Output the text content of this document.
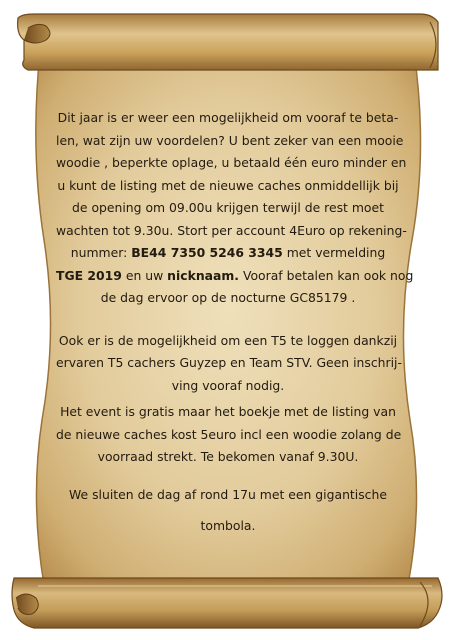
Dit jaar is er weer een mogelijkheid om vooraf te beta-
len, wat zijn uw voordelen? U bent zeker van een mooie
woodie , beperkte oplage, u betaald één euro minder en
u kunt de listing met de nieuwe caches onmiddellijk bij
de opening om 09.00u krijgen terwijl de rest moet
wachten tot 9.30u. Stort per account 4Euro op rekening-
nummer: BE44 7350 5246 3345 met vermelding
TGE 2019 en uw nicknaam. Vooraf betalen kan ook nog
de dag ervoor op de nocturne GC85179 .

Ook er is de mogelijkheid om een T5 te loggen dankzij
ervaren T5 cachers Guyzep en Team STV. Geen inschrij-
ving vooraf nodig.

Het event is gratis maar het boekje met de listing van
de nieuwe caches kost 5euro incl een woodie zolang de
voorraad strekt. Te bekomen vanaf 9.30U.

We sluiten de dag af rond 17u met een gigantische
tombola.
